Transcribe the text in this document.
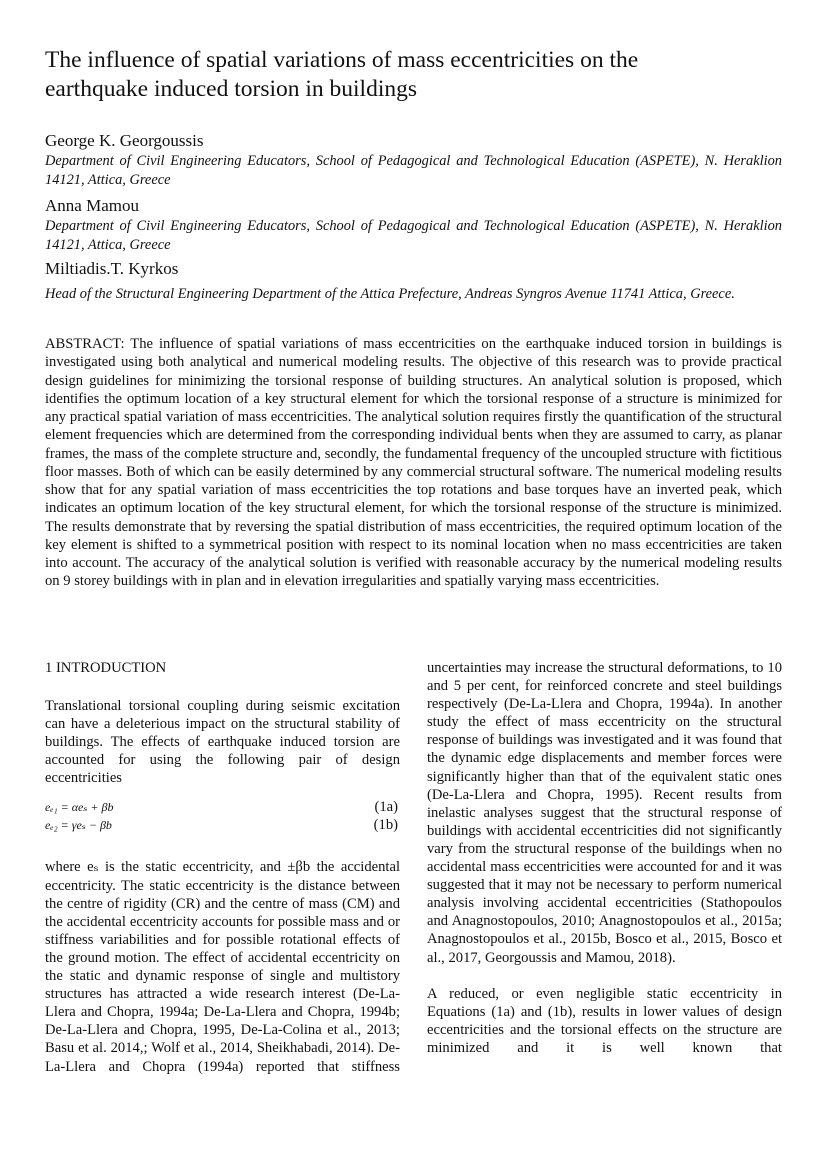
The influence of spatial variations of mass eccentricities on the
earthquake induced torsion in buildings
George K. Georgoussis
Department of Civil Engineering Educators, School of Pedagogical and Technological Education (ASPETE), N. Heraklion 14121, Attica, Greece
Anna Mamou
Department of Civil Engineering Educators, School of Pedagogical and Technological Education (ASPETE), N. Heraklion 14121, Attica, Greece
Miltiadis.T. Kyrkos
Head of the Structural Engineering Department of the Attica Prefecture, Andreas Syngros Avenue 11741 Attica, Greece.
ABSTRACT: The influence of spatial variations of mass eccentricities on the earthquake induced torsion in buildings is investigated using both analytical and numerical modeling results. The objective of this research was to provide practical design guidelines for minimizing the torsional response of building structures. An analytical solution is proposed, which identifies the optimum location of a key structural element for which the torsional response of a structure is minimized for any practical spatial variation of mass eccentricities. The analytical solution requires firstly the quantification of the structural element frequencies which are determined from the corresponding individual bents when they are assumed to carry, as planar frames, the mass of the complete structure and, secondly, the fundamental frequency of the uncoupled structure with fictitious floor masses. Both of which can be easily determined by any commercial structural software. The numerical modeling results show that for any spatial variation of mass eccentricities the top rotations and base torques have an inverted peak, which indicates an optimum location of the key structural element, for which the torsional response of the structure is minimized. The results demonstrate that by reversing the spatial distribution of mass eccentricities, the required optimum location of the key element is shifted to a symmetrical position with respect to its nominal location when no mass eccentricities are taken into account. The accuracy of the analytical solution is verified with reasonable accuracy by the numerical modeling results on 9 storey buildings with in plan and in elevation irregularities and spatially varying mass eccentricities.
1 INTRODUCTION

Translational torsional coupling during seismic excitation can have a deleterious impact on the structural stability of buildings. The effects of earthquake induced torsion are accounted for using the following pair of design eccentricities

eₑ₁ = αeₛ + βb	(1a)
eₑ₂ = γeₛ − βb	(1b)

where eₛ is the static eccentricity, and ±βb the accidental eccentricity. The static eccentricity is the distance between the centre of rigidity (CR) and the centre of mass (CM) and the accidental eccentricity accounts for possible mass and or stiffness variabilities and for possible rotational effects of the ground motion. The effect of accidental eccentricity on the static and dynamic response of single and multistory structures has attracted a wide research interest (De-La-Llera and Chopra, 1994a; De-La-Llera and Chopra, 1994b; De-La-Llera and Chopra, 1995, De-La-Colina et al., 2013; Basu et al. 2014,; Wolf et al., 2014, Sheikhabadi, 2014). De-La-Llera and Chopra (1994a) reported that stiffness

uncertainties may increase the structural deformations, to 10 and 5 per cent, for reinforced concrete and steel buildings respectively (De-La-Llera and Chopra, 1994a). In another study the effect of mass eccentricity on the structural response of buildings was investigated and it was found that the dynamic edge displacements and member forces were significantly higher than that of the equivalent static ones (De-La-Llera and Chopra, 1995). Recent results from inelastic analyses suggest that the structural response of buildings with accidental eccentricities did not significantly vary from the structural response of the buildings when no accidental mass eccentricities were accounted for and it was suggested that it may not be necessary to perform numerical analysis involving accidental eccentricities (Stathopoulos and Anagnostopoulos, 2010; Anagnostopoulos et al., 2015a; Anagnostopoulos et al., 2015b, Bosco et al., 2015, Bosco et al., 2017, Georgoussis and Mamou, 2018).

A reduced, or even negligible static eccentricity in Equations (1a) and (1b), results in lower values of design eccentricities and the torsional effects on the structure are minimized and it is well known that
